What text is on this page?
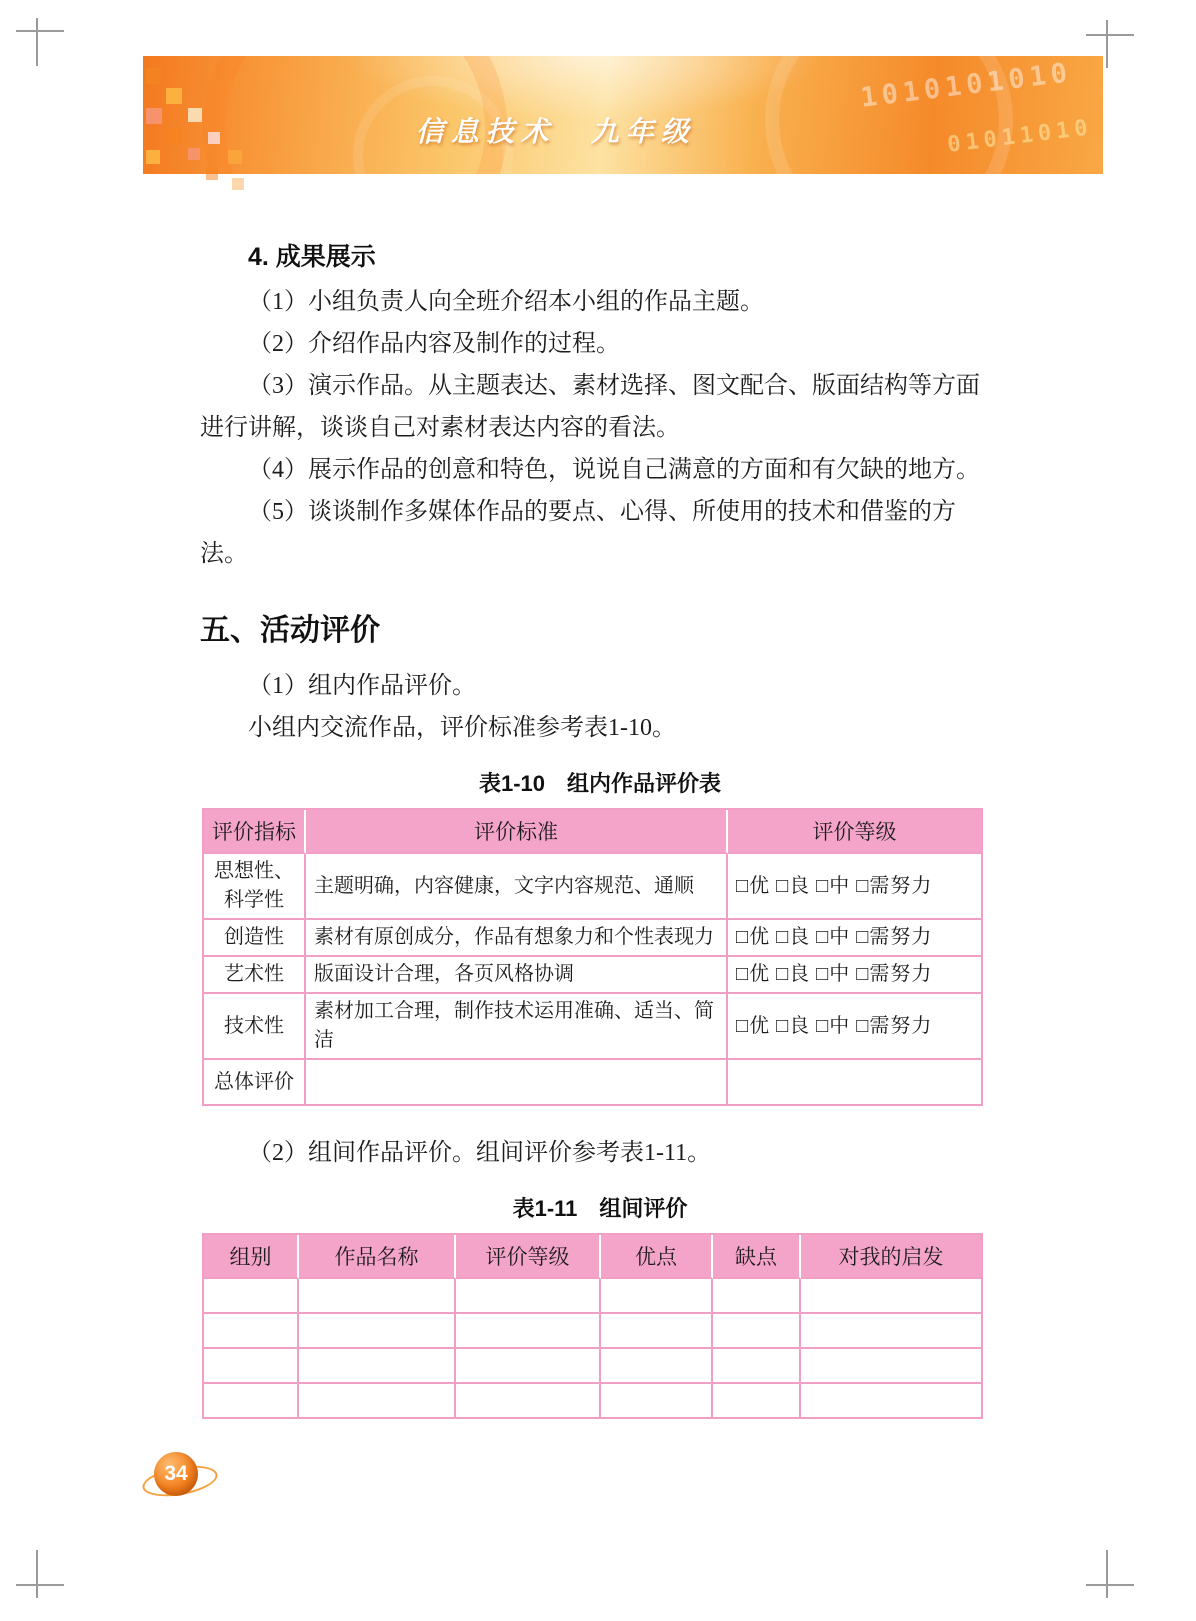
1010101010
01011010
信息技术　九年级
4. 成果展示

（1）小组负责人向全班介绍本小组的作品主题。

（2）介绍作品内容及制作的过程。

（3）演示作品。从主题表达、素材选择、图文配合、版面结构等方面进行讲解，谈谈自己对素材表达内容的看法。

（4）展示作品的创意和特色，说说自己满意的方面和有欠缺的地方。

（5）谈谈制作多媒体作品的要点、心得、所使用的技术和借鉴的方法。

五、活动评价

（1）组内作品评价。

小组内交流作品，评价标准参考表1-10。

表1-10　组内作品评价表
评价指标	评价标准	评价等级
思想性、科学性	主题明确，内容健康，文字内容规范、通顺	□优 □良 □中 □需努力
创造性	素材有原创成分，作品有想象力和个性表现力	□优 □良 □中 □需努力
艺术性	版面设计合理，各页风格协调	□优 □良 □中 □需努力
技术性	素材加工合理，制作技术运用准确、适当、简洁	□优 □良 □中 □需努力
总体评价		

（2）组间作品评价。组间评价参考表1-11。

表1-11　组间评价
组别	作品名称	评价等级	优点	缺点	对我的启发

34
